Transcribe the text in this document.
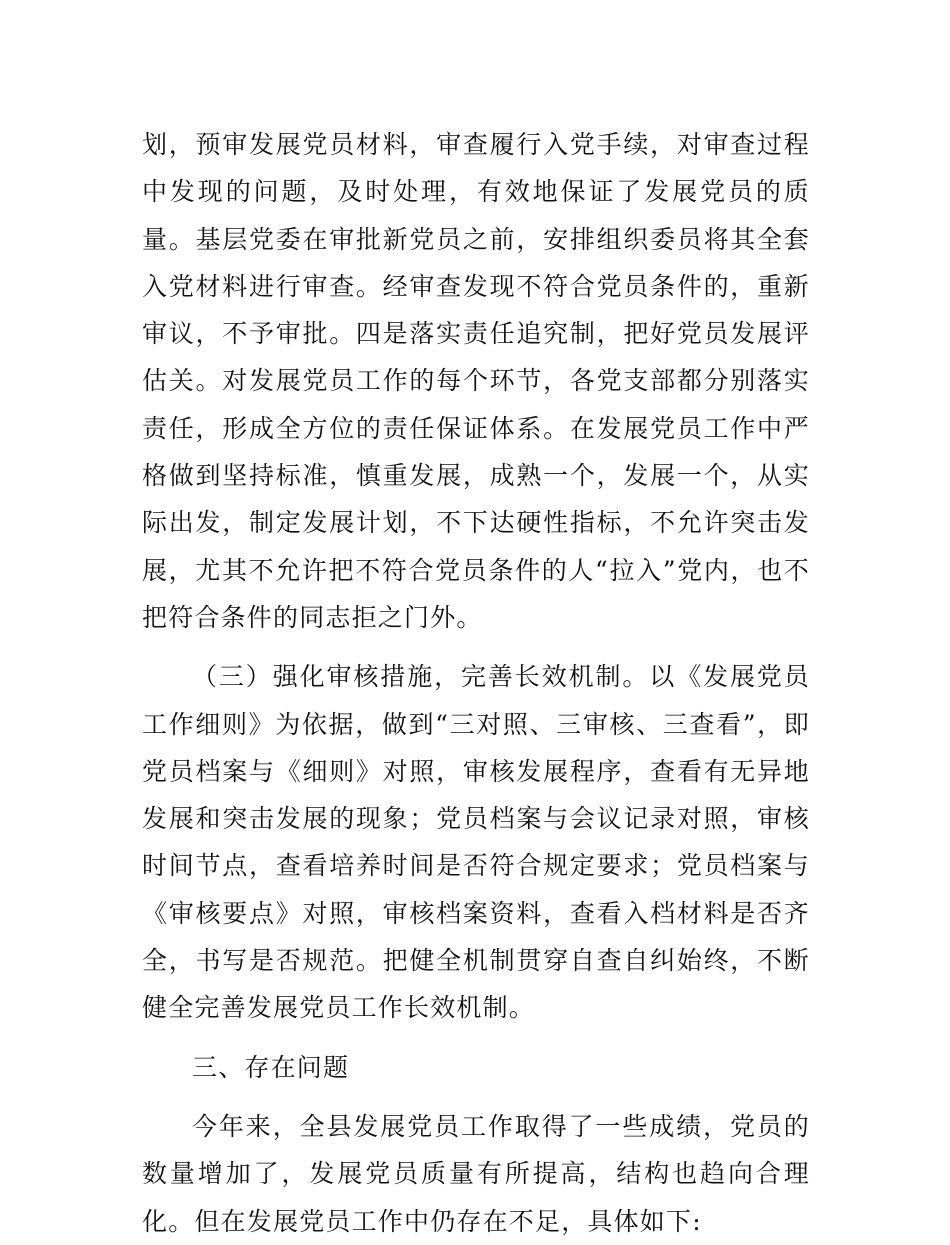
划，预审发展党员材料，审查履行入党手续，对审查过程中发现的问题，及时处理，有效地保证了发展党员的质量。基层党委在审批新党员之前，安排组织委员将其全套入党材料进行审查。经审查发现不符合党员条件的，重新审议，不予审批。四是落实责任追究制，把好党员发展评估关。对发展党员工作的每个环节，各党支部都分别落实责任，形成全方位的责任保证体系。在发展党员工作中严格做到坚持标准，慎重发展，成熟一个，发展一个，从实际出发，制定发展计划，不下达硬性指标，不允许突击发展，尤其不允许把不符合党员条件的人“拉入”党内，也不把符合条件的同志拒之门外。

（三）强化审核措施，完善长效机制。以《发展党员工作细则》为依据，做到“三对照、三审核、三查看”，即党员档案与《细则》对照，审核发展程序，查看有无异地发展和突击发展的现象；党员档案与会议记录对照，审核时间节点，查看培养时间是否符合规定要求；党员档案与《审核要点》对照，审核档案资料，查看入档材料是否齐全，书写是否规范。把健全机制贯穿自查自纠始终，不断健全完善发展党员工作长效机制。

三、存在问题

今年来，全县发展党员工作取得了一些成绩，党员的数量增加了，发展党员质量有所提高，结构也趋向合理化。但在发展党员工作中仍存在不足，具体如下:
